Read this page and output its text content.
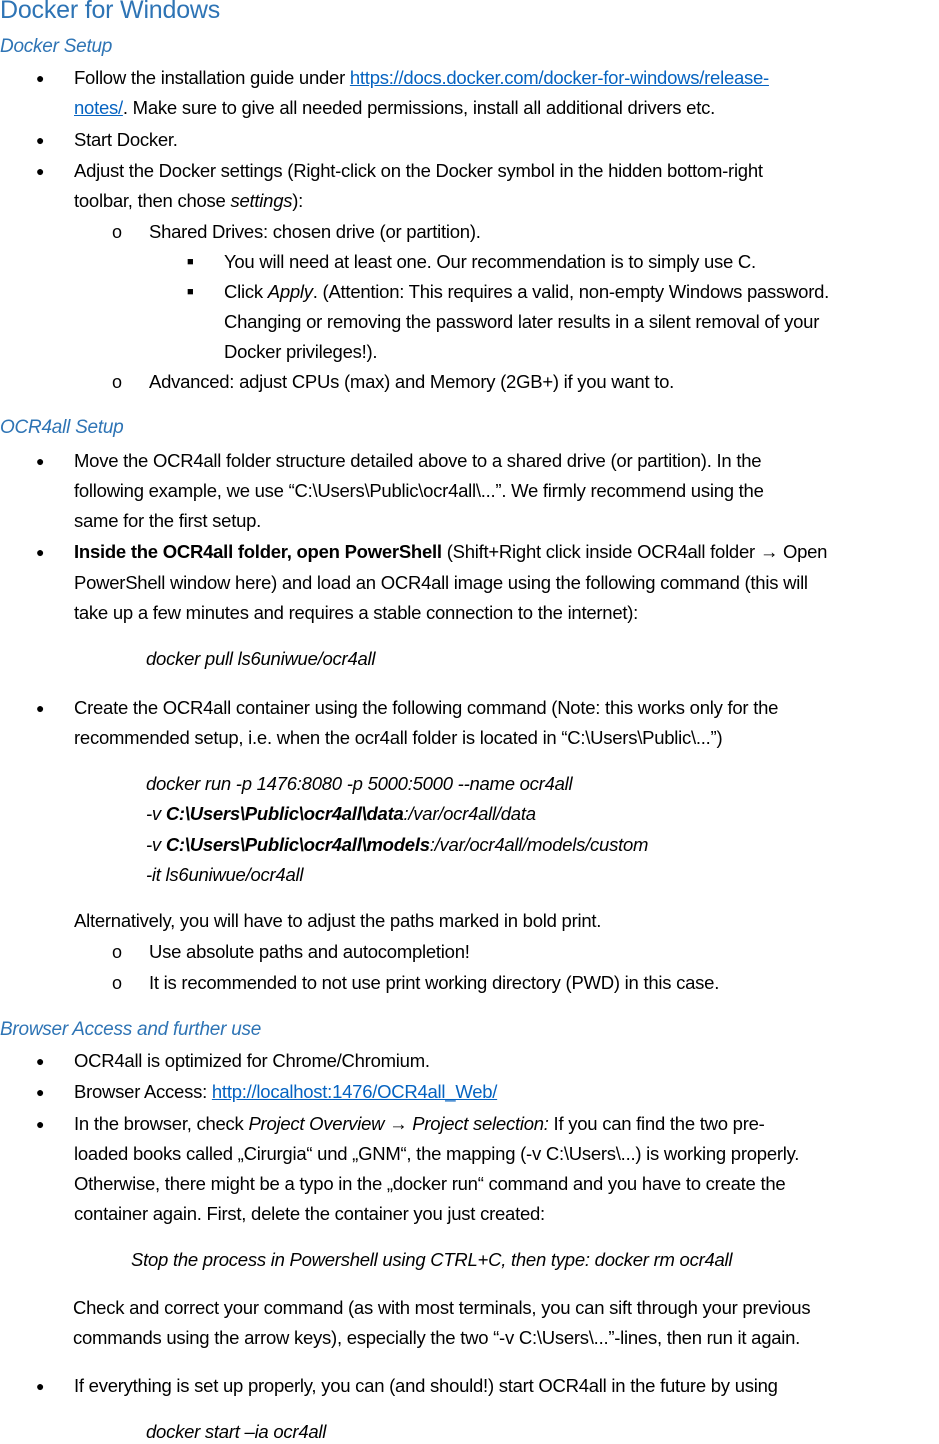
Docker for Windows
Docker Setup
Follow the installation guide under https://docs.docker.com/docker-for-windows/release-
●
notes/. Make sure to give all needed permissions, install all additional drivers etc.
Start Docker.
●
Adjust the Docker settings (Right-click on the Docker symbol in the hidden bottom-right
●
toolbar, then chose settings):
Shared Drives: chosen drive (or partition).
o
You will need at least one. Our recommendation is to simply use C.
■
Click Apply. (Attention: This requires a valid, non-empty Windows password.
■
Changing or removing the password later results in a silent removal of your
Docker privileges!).
Advanced: adjust CPUs (max) and Memory (2GB+) if you want to.
o
OCR4all Setup
Move the OCR4all folder structure detailed above to a shared drive (or partition). In the
●
following example, we use “C:\Users\Public\ocr4all\...”. We firmly recommend using the
same for the first setup.
Inside the OCR4all folder, open PowerShell (Shift+Right click inside OCR4all folder → Open
●
PowerShell window here) and load an OCR4all image using the following command (this will
take up a few minutes and requires a stable connection to the internet):
docker pull ls6uniwue/ocr4all
Create the OCR4all container using the following command (Note: this works only for the
●
recommended setup, i.e. when the ocr4all folder is located in “C:\Users\Public\...”)
docker run -p 1476:8080 -p 5000:5000 --name ocr4all
-v C:\Users\Public\ocr4all\data:/var/ocr4all/data
-v C:\Users\Public\ocr4all\models:/var/ocr4all/models/custom
-it ls6uniwue/ocr4all
Alternatively, you will have to adjust the paths marked in bold print.
Use absolute paths and autocompletion!
o
It is recommended to not use print working directory (PWD) in this case.
o
Browser Access and further use
OCR4all is optimized for Chrome/Chromium.
●
Browser Access: http://localhost:1476/OCR4all_Web/
●
In the browser, check Project Overview → Project selection: If you can find the two pre-
●
loaded books called „Cirurgia“ und „GNM“, the mapping (-v C:\Users\...) is working properly.
Otherwise, there might be a typo in the „docker run“ command and you have to create the
container again. First, delete the container you just created:
Stop the process in Powershell using CTRL+C, then type: docker rm ocr4all
Check and correct your command (as with most terminals, you can sift through your previous
commands using the arrow keys), especially the two “-v C:\Users\...”-lines, then run it again.
If everything is set up properly, you can (and should!) start OCR4all in the future by using
●
docker start –ia ocr4all
